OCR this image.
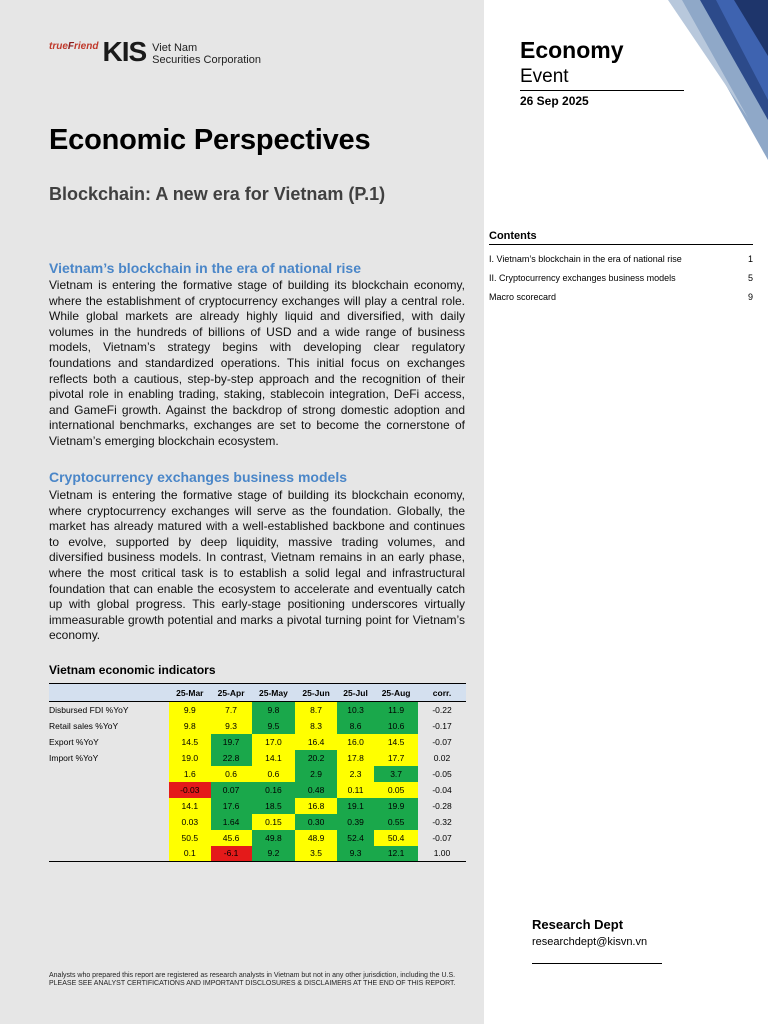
trueFriend KIS Viet Nam
Securities Corporation	Economy
Event
26 Sep 2025
Economic Perspectives
Blockchain: A new era for Vietnam (P.1)
Vietnam’s blockchain in the era of national rise
Vietnam is entering the formative stage of building its blockchain economy, where the establishment of cryptocurrency exchanges will play a central role. While global markets are already highly liquid and diversified, with daily volumes in the hundreds of billions of USD and a wide range of business models, Vietnam’s strategy begins with developing clear regulatory foundations and standardized operations. This initial focus on exchanges reflects both a cautious, step-by-step approach and the recognition of their pivotal role in enabling trading, staking, stablecoin integration, DeFi access, and GameFi growth. Against the backdrop of strong domestic adoption and international benchmarks, exchanges are set to become the cornerstone of Vietnam’s emerging blockchain ecosystem.
Cryptocurrency exchanges business models
Vietnam is entering the formative stage of building its blockchain economy, where cryptocurrency exchanges will serve as the foundation. Globally, the market has already matured with a well-established backbone and continues to evolve, supported by deep liquidity, massive trading volumes, and diversified business models. In contrast, Vietnam remains in an early phase, where the most critical task is to establish a solid legal and infrastructural foundation that can enable the ecosystem to accelerate and eventually catch up with global progress. This early-stage positioning underscores virtually immeasurable growth potential and marks a pivotal turning point for Vietnam’s economy.
Vietnam economic indicators
	25-Mar	25-Apr	25-May	25-Jun	25-Jul	25-Aug	corr.
Disbursed FDI %YoY	9.9	7.7	9.8	8.7	10.3	11.9	-0.22
Retail sales %YoY	9.8	9.3	9.5	8.3	8.6	10.6	-0.17
Export %YoY	14.5	19.7	17.0	16.4	16.0	14.5	-0.07
Import %YoY	19.0	22.8	14.1	20.2	17.8	17.7	0.02
	1.6	0.6	0.6	2.9	2.3	3.7	-0.05
	-0.03	0.07	0.16	0.48	0.11	0.05	-0.04
	14.1	17.6	18.5	16.8	19.1	19.9	-0.28
	0.03	1.64	0.15	0.30	0.39	0.55	-0.32
	50.5	45.6	49.8	48.9	52.4	50.4	-0.07
	0.1	-6.1	9.2	3.5	9.3	12.1	1.00
Contents
I. Vietnam’s blockchain in the era of national rise	1
II. Cryptocurrency exchanges business models	5
Macro scorecard	9
Research Dept
researchdept@kisvn.vn
Analysts who prepared this report are registered as research analysts in Vietnam but not in any other jurisdiction, including the U.S.
PLEASE SEE ANALYST CERTIFICATIONS AND IMPORTANT DISCLOSURES & DISCLAIMERS AT THE END OF THIS REPORT.
